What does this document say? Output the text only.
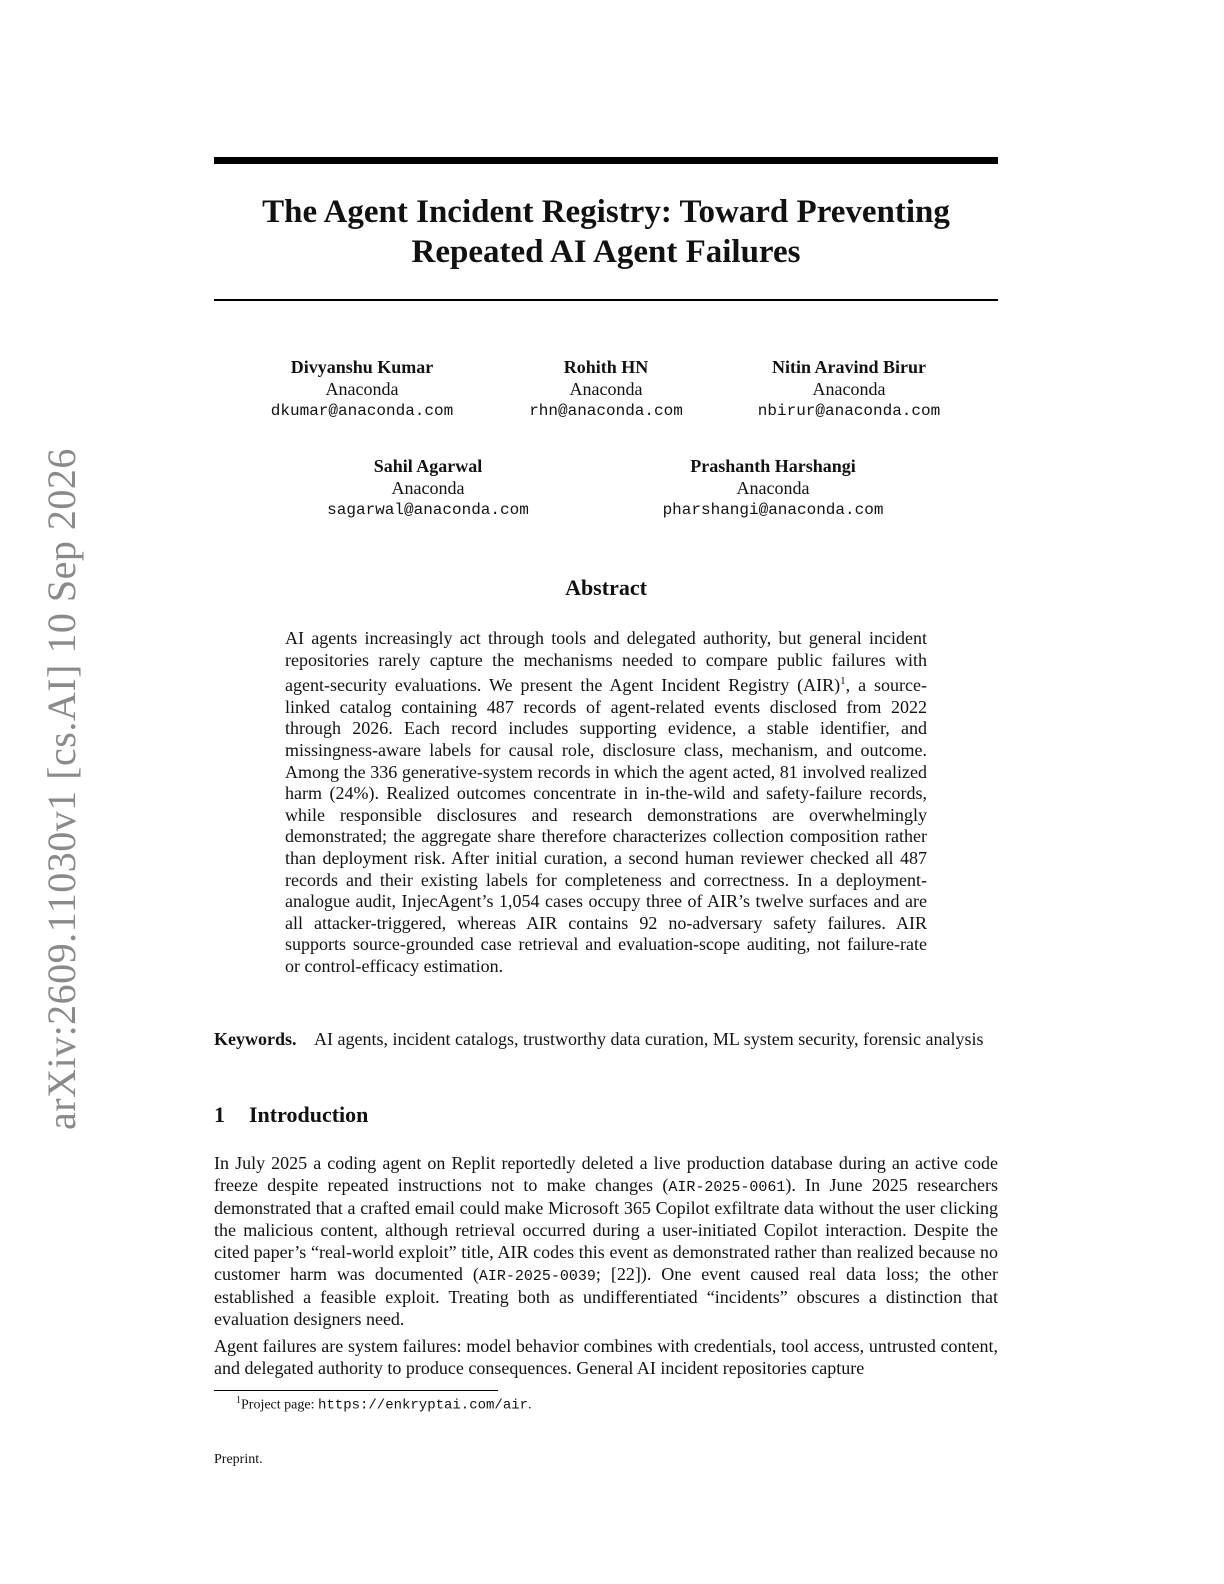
arXiv:2609.11030v1 [cs.AI] 10 Sep 2026
The Agent Incident Registry: Toward Preventing
Repeated AI Agent Failures
Divyanshu Kumar
Anaconda
dkumar@anaconda.com
Rohith HN
Anaconda
rhn@anaconda.com
Nitin Aravind Birur
Anaconda
nbirur@anaconda.com
Sahil Agarwal
Anaconda
sagarwal@anaconda.com
Prashanth Harshangi
Anaconda
pharshangi@anaconda.com
Abstract
AI agents increasingly act through tools and delegated authority, but general incident repositories rarely capture the mechanisms needed to compare public failures with agent-security evaluations. We present the Agent Incident Registry (AIR)$^1$, a source-linked catalog containing 487 records of agent-related events disclosed from 2022 through 2026. Each record includes supporting evidence, a stable identifier, and missingness-aware labels for causal role, disclosure class, mechanism, and outcome. Among the 336 generative-system records in which the agent acted, 81 involved realized harm (24%). Realized outcomes concentrate in in-the-wild and safety-failure records, while responsible disclosures and research demonstrations are overwhelmingly demonstrated; the aggregate share therefore characterizes collection composition rather than deployment risk. After initial curation, a second human reviewer checked all 487 records and their existing labels for completeness and correctness. In a deployment-analogue audit, InjecAgent’s 1,054 cases occupy three of AIR’s twelve surfaces and are all attacker-triggered, whereas AIR contains 92 no-adversary safety failures. AIR supports source-grounded case retrieval and evaluation-scope auditing, not failure-rate or control-efficacy estimation.
Keywords. AI agents, incident catalogs, trustworthy data curation, ML system security, forensic analysis
1 Introduction
In July 2025 a coding agent on Replit reportedly deleted a live production database during an active code freeze despite repeated instructions not to make changes (AIR-2025-0061). In June 2025 researchers demonstrated that a crafted email could make Microsoft 365 Copilot exfiltrate data without the user clicking the malicious content, although retrieval occurred during a user-initiated Copilot interaction. Despite the cited paper’s “real-world exploit” title, AIR codes this event as demonstrated rather than realized because no customer harm was documented (AIR-2025-0039; [22]). One event caused real data loss; the other established a feasible exploit. Treating both as undifferentiated “incidents” obscures a distinction that evaluation designers need.
Agent failures are system failures: model behavior combines with credentials, tool access, untrusted content, and delegated authority to produce consequences. General AI incident repositories capture
$^1$Project page: https://enkryptai.com/air.
Preprint.
